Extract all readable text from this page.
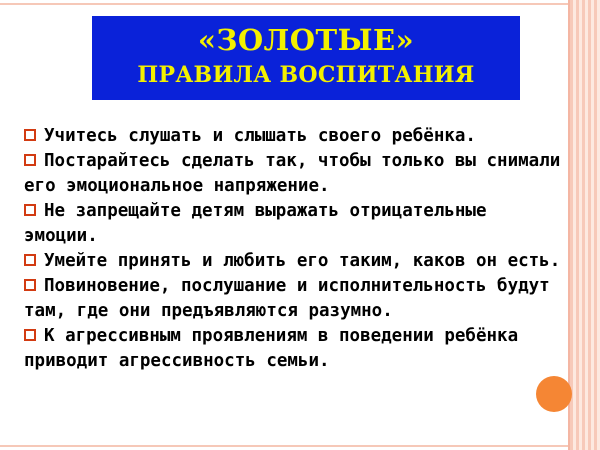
«ЗОЛОТЫЕ»
ПРАВИЛА ВОСПИТАНИЯ
Учитесь слушать и слышать своего ребёнка.
Постарайтесь сделать так, чтобы только вы снимали его эмоциональное напряжение.
Не запрещайте детям выражать отрицательные эмоции.
Умейте принять и любить его таким, каков он есть.
Повиновение, послушание и исполнительность будут там, где они предъявляются разумно.
К агрессивным проявлениям в поведении ребёнка приводит агрессивность семьи.
